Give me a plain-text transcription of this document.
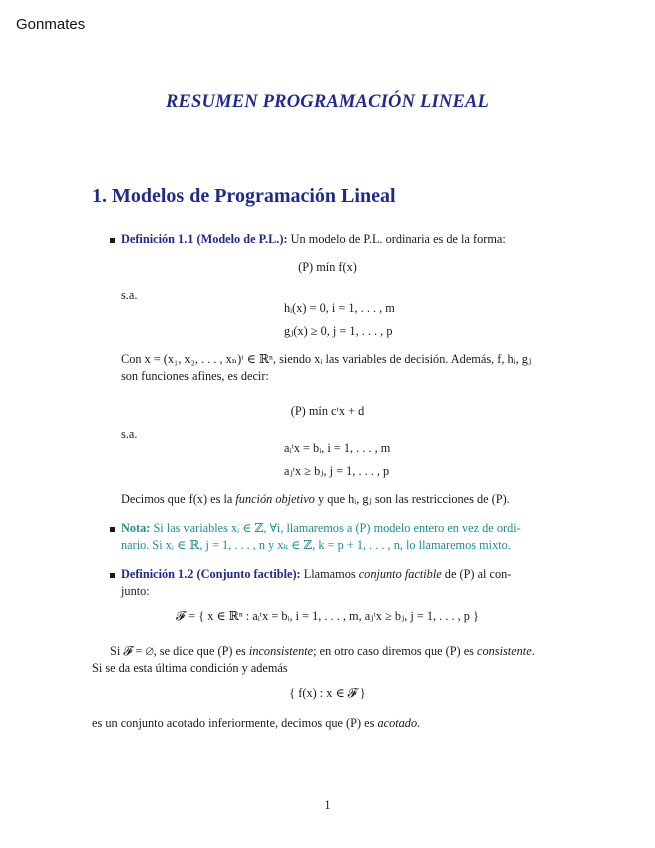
Gonmates
RESUMEN PROGRAMACIÓN LINEAL
1. Modelos de Programación Lineal
Definición 1.1 (Modelo de P.L.): Un modelo de P.L. ordinaria es de la forma:
(P) mín f(x)
s.a.
hᵢ(x) = 0, i = 1, . . . , m
gⱼ(x) ≥ 0, j = 1, . . . , p
Con x = (x₁, x₂, . . . , xₙ)ᵗ ∈ ℝⁿ, siendo xᵢ las variables de decisión. Además, f, hᵢ, gⱼ
son funciones afines, es decir:
(P) mín cᵗx + d
s.a.
aᵢᵗx = bᵢ, i = 1, . . . , m
aⱼᵗx ≥ bⱼ, j = 1, . . . , p
Decimos que f(x) es la función objetivo y que hᵢ, gⱼ son las restricciones de (P).
Nota: Si las variables xᵢ ∈ ℤ, ∀i, llamaremos a (P) modelo entero en vez de ordi-
nario. Si xᵢ ∈ ℝ, j = 1, . . . , n y xₖ ∈ ℤ, k = p + 1, . . . , n, lo llamaremos mixto.
Definición 1.2 (Conjunto factible): Llamamos conjunto factible de (P) al con-
junto:
𝓕 = { x ∈ ℝⁿ : aᵢᵗx = bᵢ, i = 1, . . . , m, aⱼᵗx ≥ bⱼ, j = 1, . . . , p }
Si 𝓕 = ∅, se dice que (P) es inconsistente; en otro caso diremos que (P) es consistente.
Si se da esta última condición y además
{ f(x) : x ∈ 𝓕 }
es un conjunto acotado inferiormente, decimos que (P) es acotado.
1
